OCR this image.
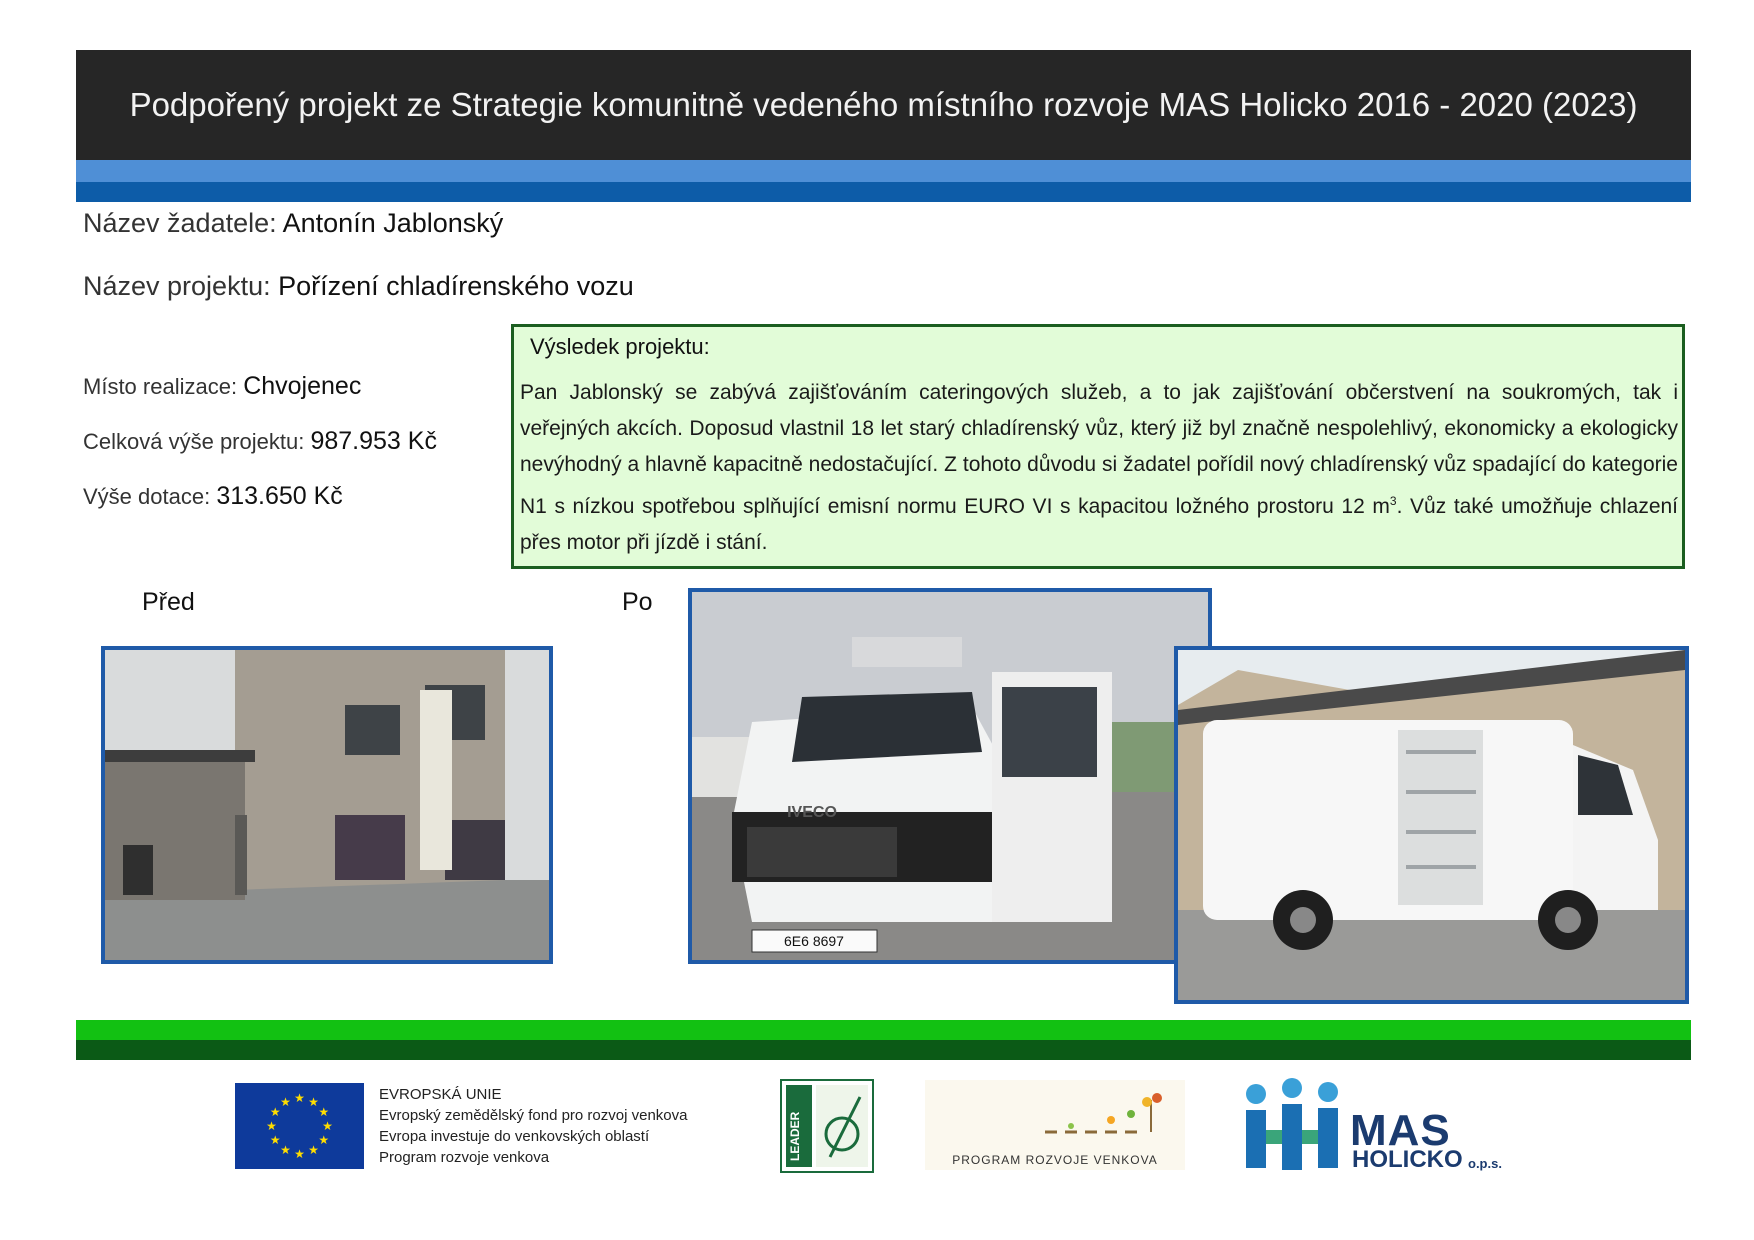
Podpořený projekt ze Strategie komunitně vedeného místního rozvoje MAS Holicko 2016 - 2020 (2023)
Název žadatele: Antonín Jablonský
Název projektu: Pořízení chladírenského vozu
Místo realizace: Chvojenec
Celková výše projektu: 987.953 Kč
Výše dotace: 313.650 Kč
Výsledek projektu:
Pan Jablonský se zabývá zajišťováním cateringových služeb, a to jak zajišťování občerstvení na soukromých, tak i veřejných akcích. Doposud vlastnil 18 let starý chladírenský vůz, který již byl značně nespolehlivý, ekonomicky a ekologicky nevýhodný a hlavně kapacitně nedostačující. Z tohoto důvodu si žadatel pořídil nový chladírenský vůz spadající do kategorie N1 s nízkou spotřebou splňující emisní normu EURO VI s kapacitou ložného prostoru 12 $m^3$. Vůz také umožňuje chlazení přes motor při jízdě i stání.
Před	Po
6E6 8697
IVECO
★ ★
★
★
★
★
★
★
★
★
★
★	EVROPSKÁ UNIE
Evropský zemědělský fond pro rozvoj venkova
Evropa investuje do venkovských oblastí
Program rozvoje venkova	LEADER	PROGRAM ROZVOJE VENKOVA
MAS
HOLICKO o.p.s.
